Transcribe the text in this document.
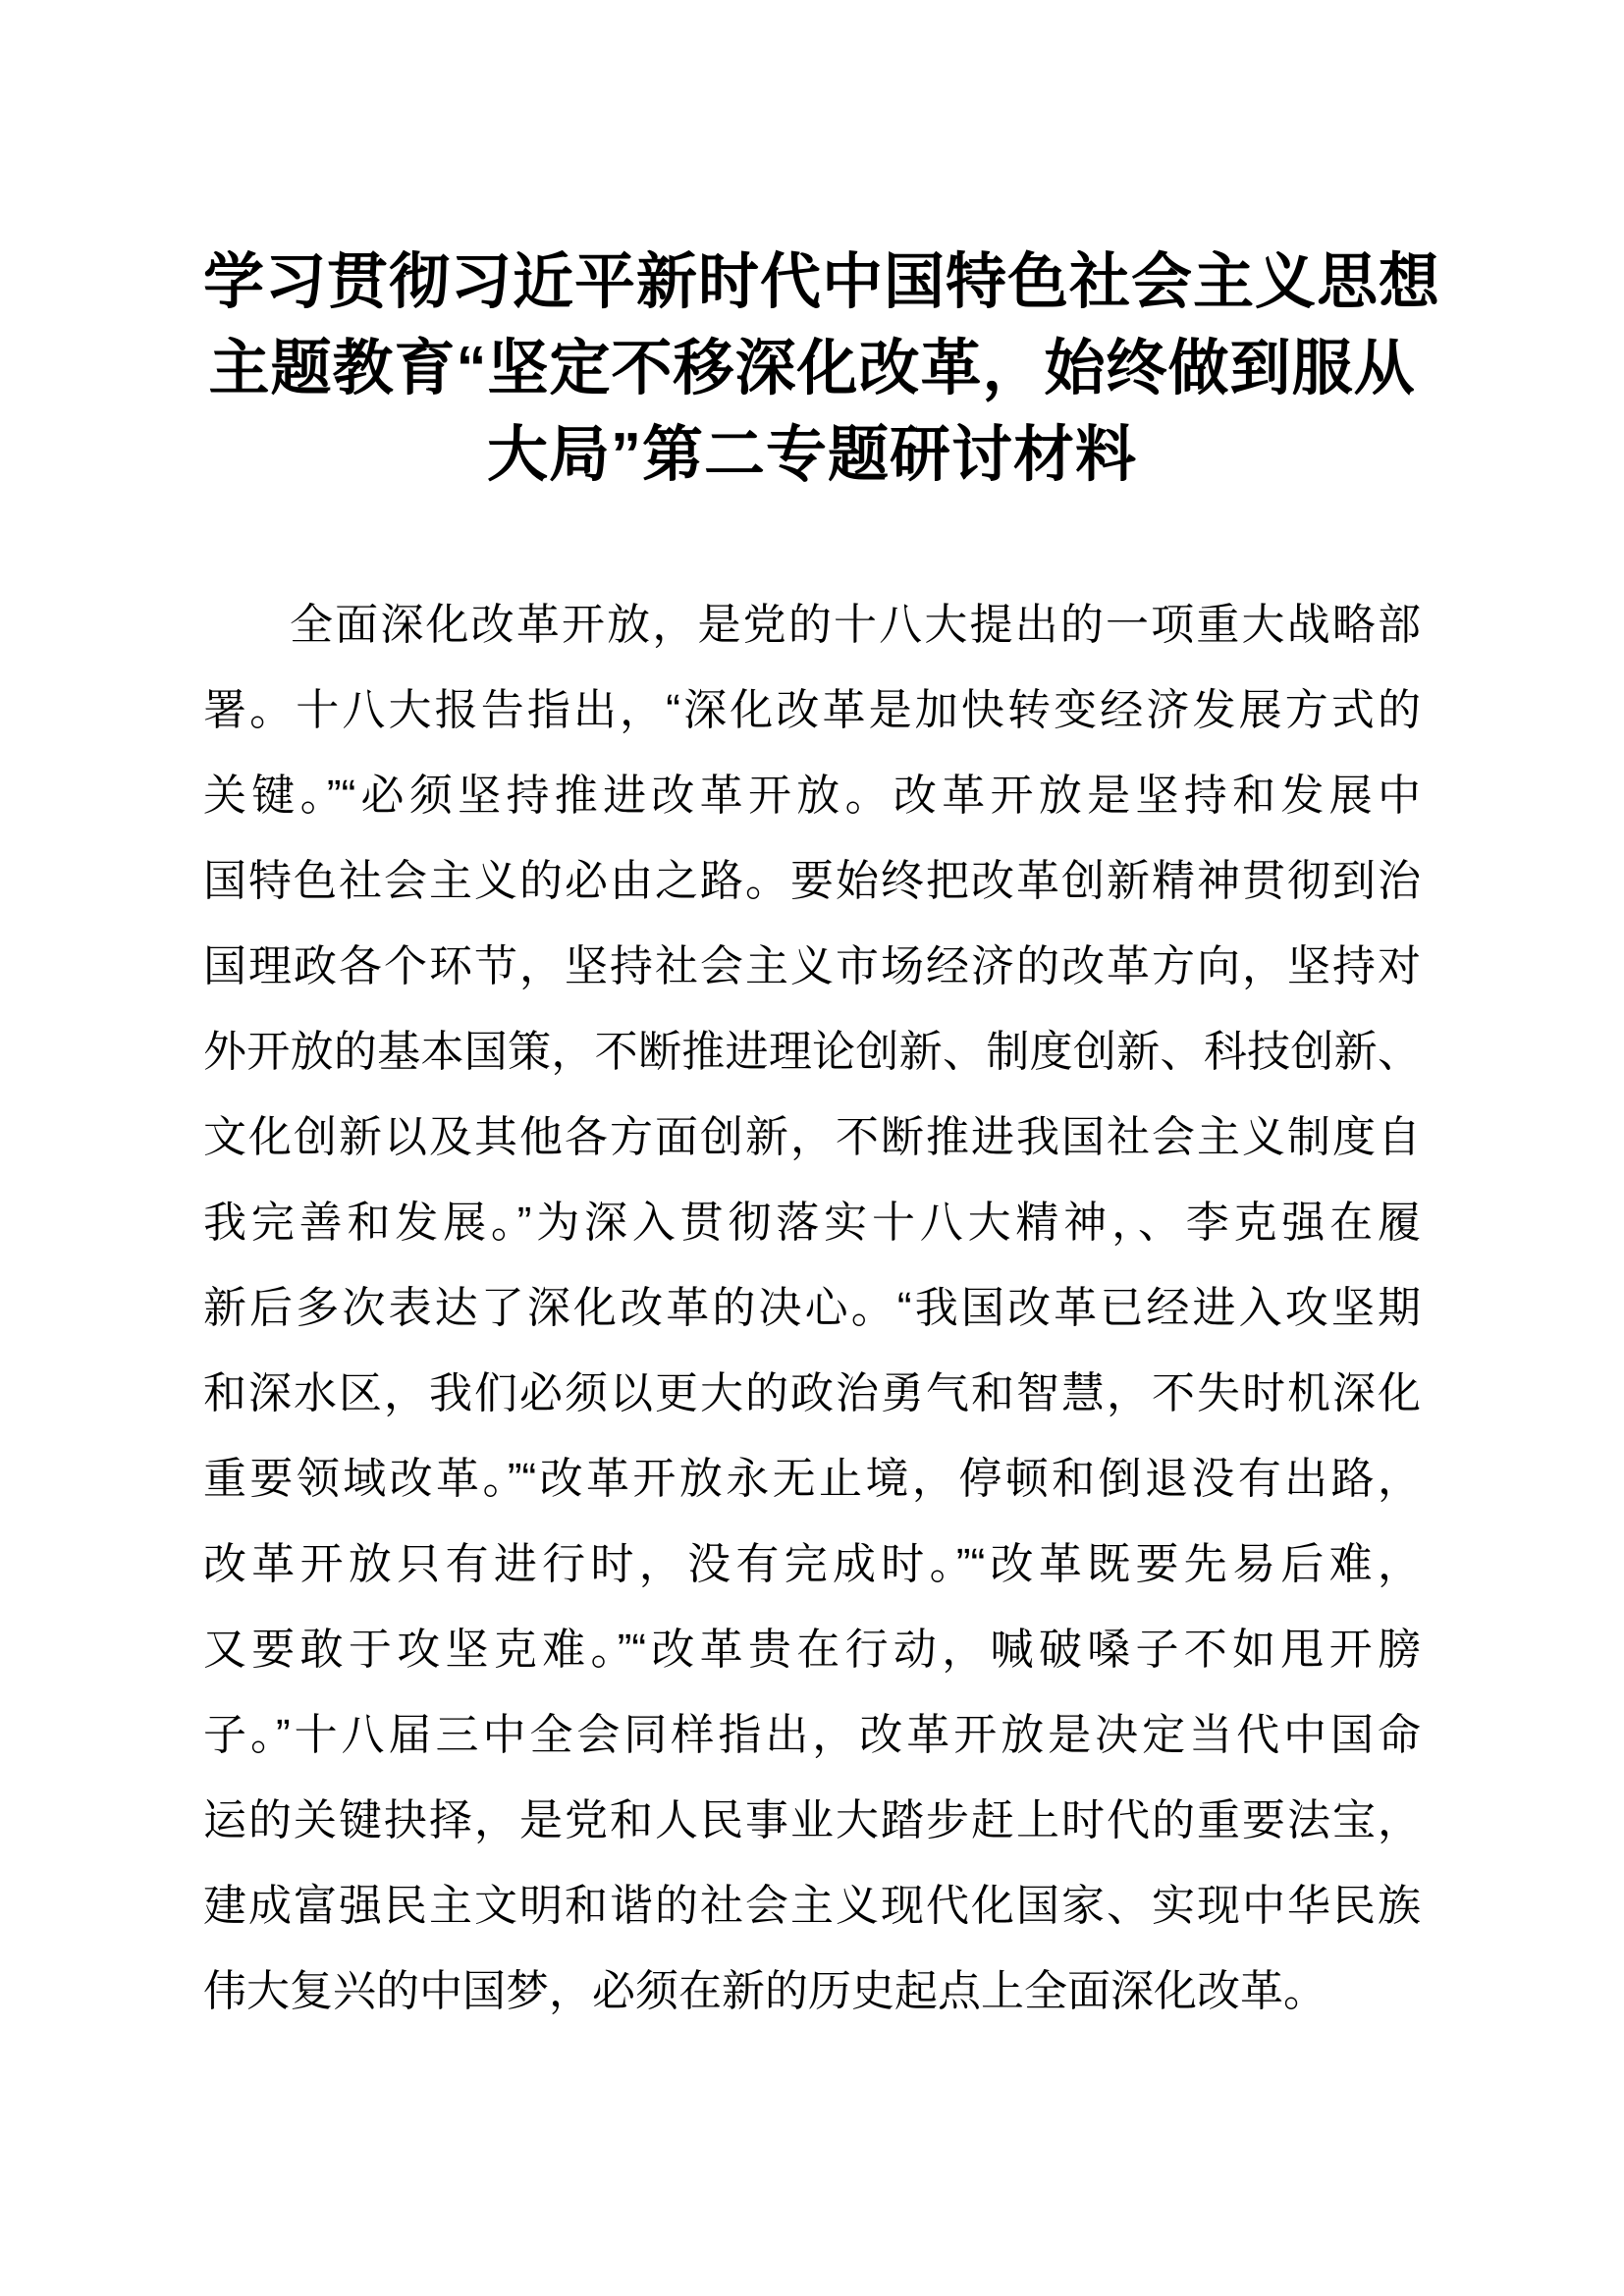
学习贯彻习近平新时代中国特色社会主义思想
主题教育“坚定不移深化改革，始终做到服从
大局”第二专题研讨材料
全面深化改革开放，是党的十八大提出的一项重大战略部
署。十八大报告指出，“深化改革是加快转变经济发展方式的
关键。”“必须坚持推进改革开放。改革开放是坚持和发展中
国特色社会主义的必由之路。要始终把改革创新精神贯彻到治
国理政各个环节，坚持社会主义市场经济的改革方向，坚持对
外开放的基本国策，不断推进理论创新、制度创新、科技创新、
文化创新以及其他各方面创新，不断推进我国社会主义制度自
我完善和发展。”为深入贯彻落实十八大精神，、李克强在履
新后多次表达了深化改革的决心。“我国改革已经进入攻坚期
和深水区，我们必须以更大的政治勇气和智慧，不失时机深化
重要领域改革。”“改革开放永无止境，停顿和倒退没有出路，
改革开放只有进行时，没有完成时。”“改革既要先易后难，
又要敢于攻坚克难。”“改革贵在行动，喊破嗓子不如甩开膀
子。”十八届三中全会同样指出，改革开放是决定当代中国命
运的关键抉择，是党和人民事业大踏步赶上时代的重要法宝，
建成富强民主文明和谐的社会主义现代化国家、实现中华民族
伟大复兴的中国梦，必须在新的历史起点上全面深化改革。
